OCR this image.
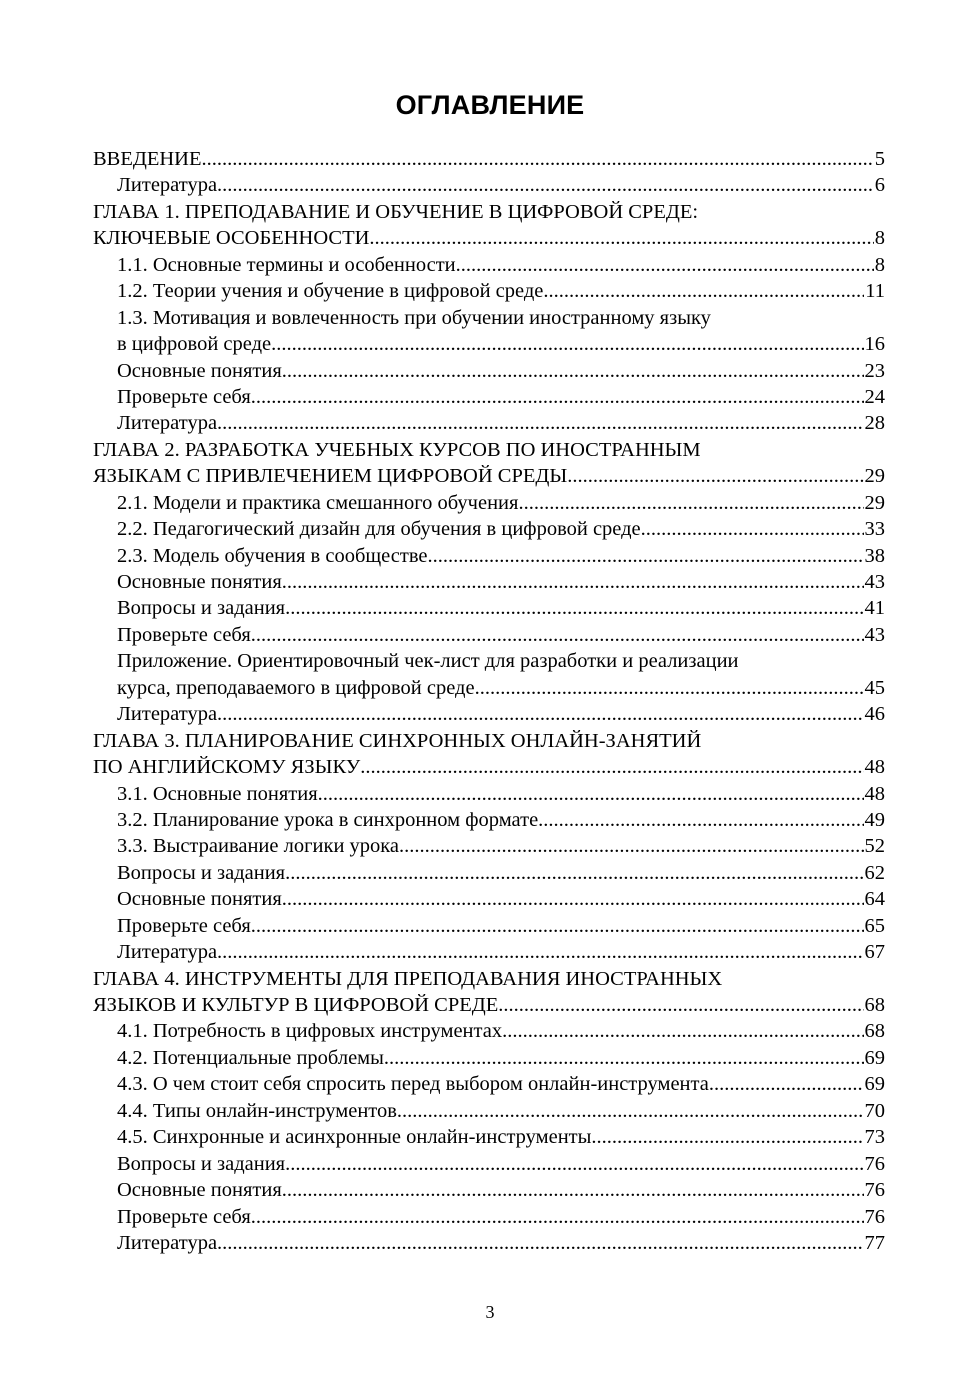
ОГЛАВЛЕНИЕ
ВВЕДЕНИЕ .....	5
Литература .....	6
ГЛАВА 1. ПРЕПОДАВАНИЕ И ОБУЧЕНИЕ В ЦИФРОВОЙ СРЕДЕ:
КЛЮЧЕВЫЕ ОСОБЕННОСТИ .....	8
1.1. Основные термины и особенности .....	8
1.2. Теории учения и обучение в цифровой среде .....	11
1.3. Мотивация и вовлеченность при обучении иностранному языку
в цифровой среде .....	16
Основные понятия .....	23
Проверьте себя .....	24
Литература .....	28
ГЛАВА 2. РАЗРАБОТКА УЧЕБНЫХ КУРСОВ ПО ИНОСТРАННЫМ
ЯЗЫКАМ С ПРИВЛЕЧЕНИЕМ ЦИФРОВОЙ СРЕДЫ .....	29
2.1. Модели и практика смешанного обучения .....	29
2.2. Педагогический дизайн для обучения в цифровой среде .....	33
2.3. Модель обучения в сообществе .....	38
Основные понятия .....	43
Вопросы и задания .....	41
Проверьте себя .....	43
Приложение. Ориентировочный чек-лист для разработки и реализации
курса, преподаваемого в цифровой среде .....	45
Литература .....	46
ГЛАВА 3. ПЛАНИРОВАНИЕ СИНХРОННЫХ ОНЛАЙН-ЗАНЯТИЙ
ПО АНГЛИЙСКОМУ ЯЗЫКУ .....	48
3.1. Основные понятия .....	48
3.2. Планирование урока в синхронном формате .....	49
3.3. Выстраивание логики урока .....	52
Вопросы и задания .....	62
Основные понятия .....	64
Проверьте себя .....	65
Литература .....	67
ГЛАВА 4. ИНСТРУМЕНТЫ ДЛЯ ПРЕПОДАВАНИЯ ИНОСТРАННЫХ
ЯЗЫКОВ И КУЛЬТУР В ЦИФРОВОЙ СРЕДЕ .....	68
4.1. Потребность в цифровых инструментах .....	68
4.2. Потенциальные проблемы .....	69
4.3. О чем стоит себя спросить перед выбором онлайн-инструмента .....	69
4.4. Типы онлайн-инструментов .....	70
4.5. Синхронные и асинхронные онлайн-инструменты .....	73
Вопросы и задания .....	76
Основные понятия .....	76
Проверьте себя .....	76
Литература .....	77
3
